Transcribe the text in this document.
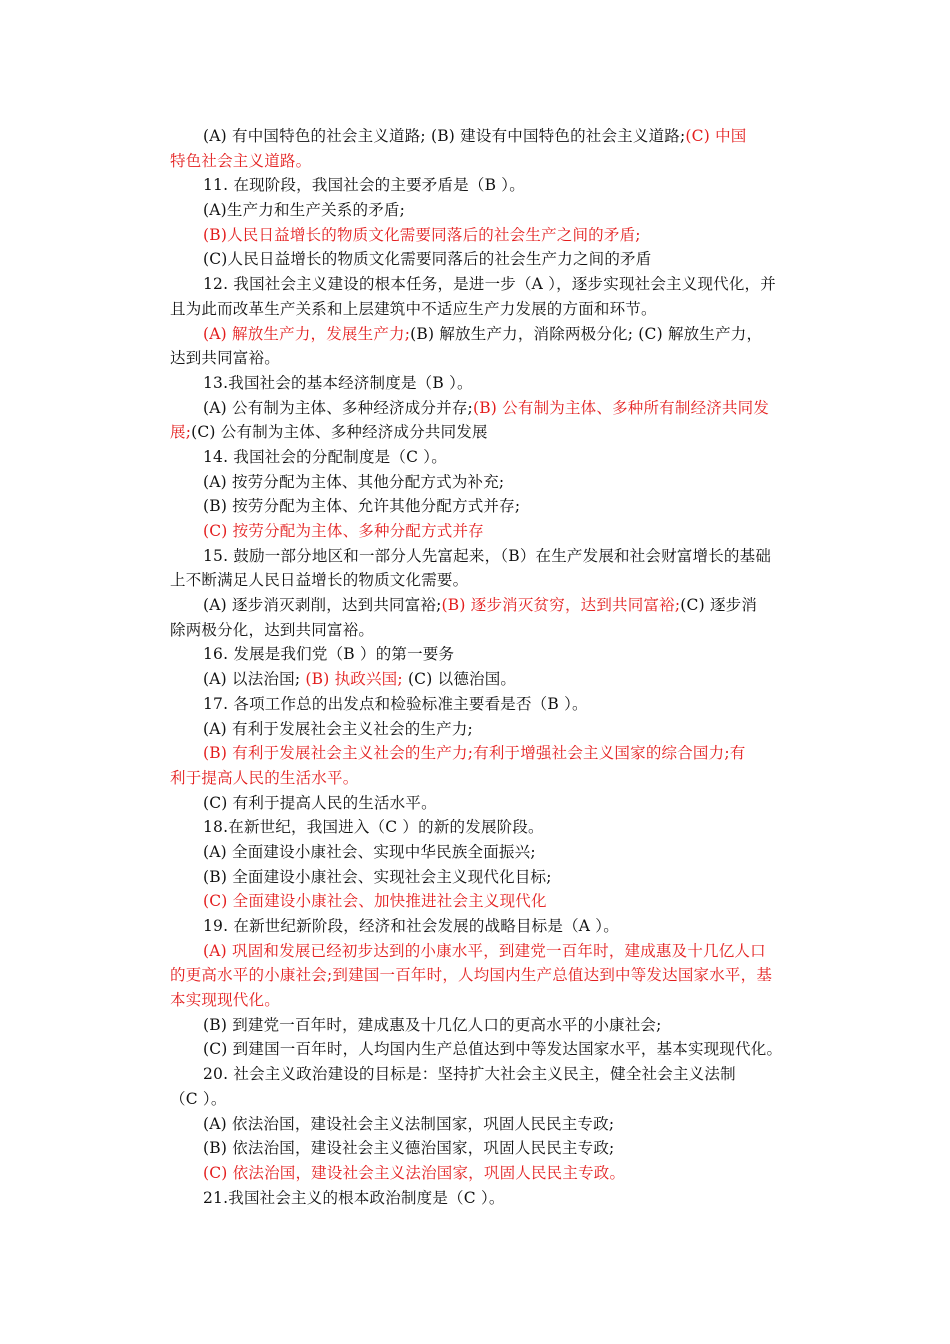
(A) 有中国特色的社会主义道路; (B) 建设有中国特色的社会主义道路;(C) 中国
特色社会主义道路。
11. 在现阶段，我国社会的主要矛盾是（B ）。
(A)生产力和生产关系的矛盾;
(B)人民日益增长的物质文化需要同落后的社会生产之间的矛盾;
(C)人民日益增长的物质文化需要同落后的社会生产力之间的矛盾
12. 我国社会主义建设的根本任务，是进一步（A ），逐步实现社会主义现代化，并
且为此而改革生产关系和上层建筑中不适应生产力发展的方面和环节。
(A) 解放生产力，发展生产力;(B) 解放生产力，消除两极分化; (C) 解放生产力，
达到共同富裕。
13.我国社会的基本经济制度是（B ）。
(A) 公有制为主体、多种经济成分并存;(B) 公有制为主体、多种所有制经济共同发
展;(C) 公有制为主体、多种经济成分共同发展
14. 我国社会的分配制度是（C ）。
(A) 按劳分配为主体、其他分配方式为补充;
(B) 按劳分配为主体、允许其他分配方式并存;
(C) 按劳分配为主体、多种分配方式并存
15. 鼓励一部分地区和一部分人先富起来，（B）在生产发展和社会财富增长的基础
上不断满足人民日益增长的物质文化需要。
(A) 逐步消灭剥削，达到共同富裕;(B) 逐步消灭贫穷，达到共同富裕;(C) 逐步消
除两极分化，达到共同富裕。
16. 发展是我们党（B ）的第一要务
(A) 以法治国; (B) 执政兴国; (C) 以德治国。
17. 各项工作总的出发点和检验标准主要看是否（B ）。
(A) 有利于发展社会主义社会的生产力;
(B) 有利于发展社会主义社会的生产力;有利于增强社会主义国家的综合国力;有
利于提高人民的生活水平。
(C) 有利于提高人民的生活水平。
18.在新世纪，我国进入（C ）的新的发展阶段。
(A) 全面建设小康社会、实现中华民族全面振兴;
(B) 全面建设小康社会、实现社会主义现代化目标;
(C) 全面建设小康社会、加快推进社会主义现代化
19. 在新世纪新阶段，经济和社会发展的战略目标是（A ）。
(A) 巩固和发展已经初步达到的小康水平，到建党一百年时，建成惠及十几亿人口
的更高水平的小康社会;到建国一百年时，人均国内生产总值达到中等发达国家水平，基
本实现现代化。
(B) 到建党一百年时，建成惠及十几亿人口的更高水平的小康社会;
(C) 到建国一百年时，人均国内生产总值达到中等发达国家水平，基本实现现代化。
20. 社会主义政治建设的目标是：坚持扩大社会主义民主，健全社会主义法制
（C ）。
(A) 依法治国，建设社会主义法制国家，巩固人民民主专政;
(B) 依法治国，建设社会主义德治国家，巩固人民民主专政;
(C) 依法治国，建设社会主义法治国家，巩固人民民主专政。
21.我国社会主义的根本政治制度是（C ）。
